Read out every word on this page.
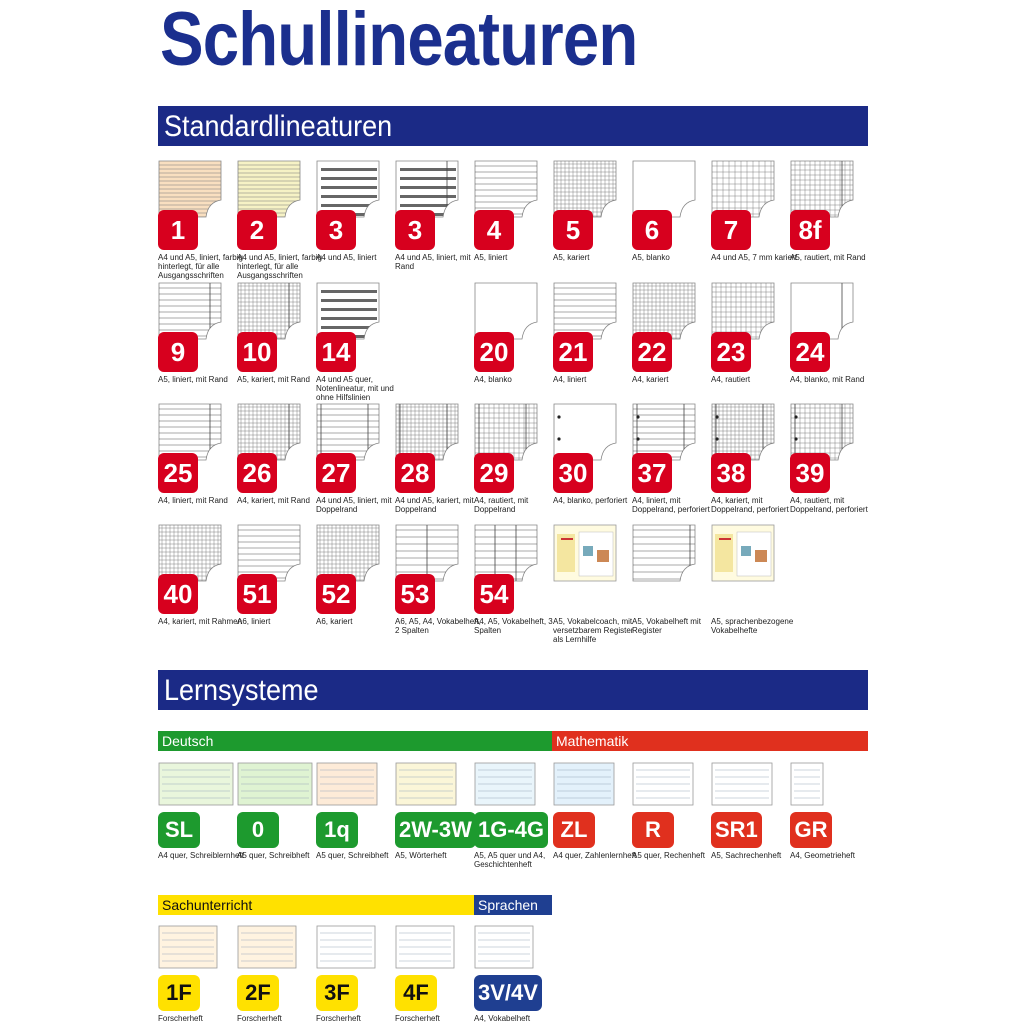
Schullineaturen
Standardlineaturen
1
A4 und A5, liniert, farbig hinterlegt, für alle Ausgangsschriften
2
A4 und A5, liniert, farbig hinterlegt, für alle Ausgangsschriften
3
A4 und A5, liniert
3
A4 und A5, liniert, mit Rand
4
A5, liniert
5
A5, kariert
6
A5, blanko
7
A4 und A5, 7 mm kariert
8f
A5, rautiert, mit Rand
9
A5, liniert, mit Rand
10
A5, kariert, mit Rand
14
A4 und A5 quer, Notenlineatur, mit und ohne Hilfslinien
20
A4, blanko
21
A4, liniert
22
A4, kariert
23
A4, rautiert
24
A4, blanko, mit Rand
25
A4, liniert, mit Rand
26
A4, kariert, mit Rand
27
A4 und A5, liniert, mit Doppelrand
28
A4 und A5, kariert, mit Doppelrand
29
A4, rautiert, mit Doppelrand
30
A4, blanko, perforiert
37
A4, liniert, mit Doppelrand, perforiert
38
A4, kariert, mit Doppelrand, perforiert
39
A4, rautiert, mit Doppelrand, perforiert
40
A4, kariert, mit Rahmen
51
A6, liniert
52
A6, kariert
53
A6, A5, A4, Vokabelheft, 2 Spalten
54
A4, A5, Vokabelheft, 3 Spalten
A5, Vokabelcoach, mit versetzbarem Register als Lernhilfe
A5, Vokabelheft mit Register
A5, sprachenbezogene Vokabelhefte
Lernsysteme
Deutsch	Mathematik
Sachunterricht	Sprachen
SL
A4 quer, Schreiblernheft
0
A5 quer, Schreibheft
1q
A5 quer, Schreibheft
2W-3W
A5, Wörterheft
1G-4G
A5, A5 quer und A4, Geschichtenheft
ZL
A4 quer, Zahlenlernheft
R
A5 quer, Rechenheft
SR1
A5, Sachrechenheft
GR
A4, Geometrieheft
1F
Forscherheft
2F
Forscherheft
3F
Forscherheft
4F
Forscherheft
3V/4V
A4, Vokabelheft
